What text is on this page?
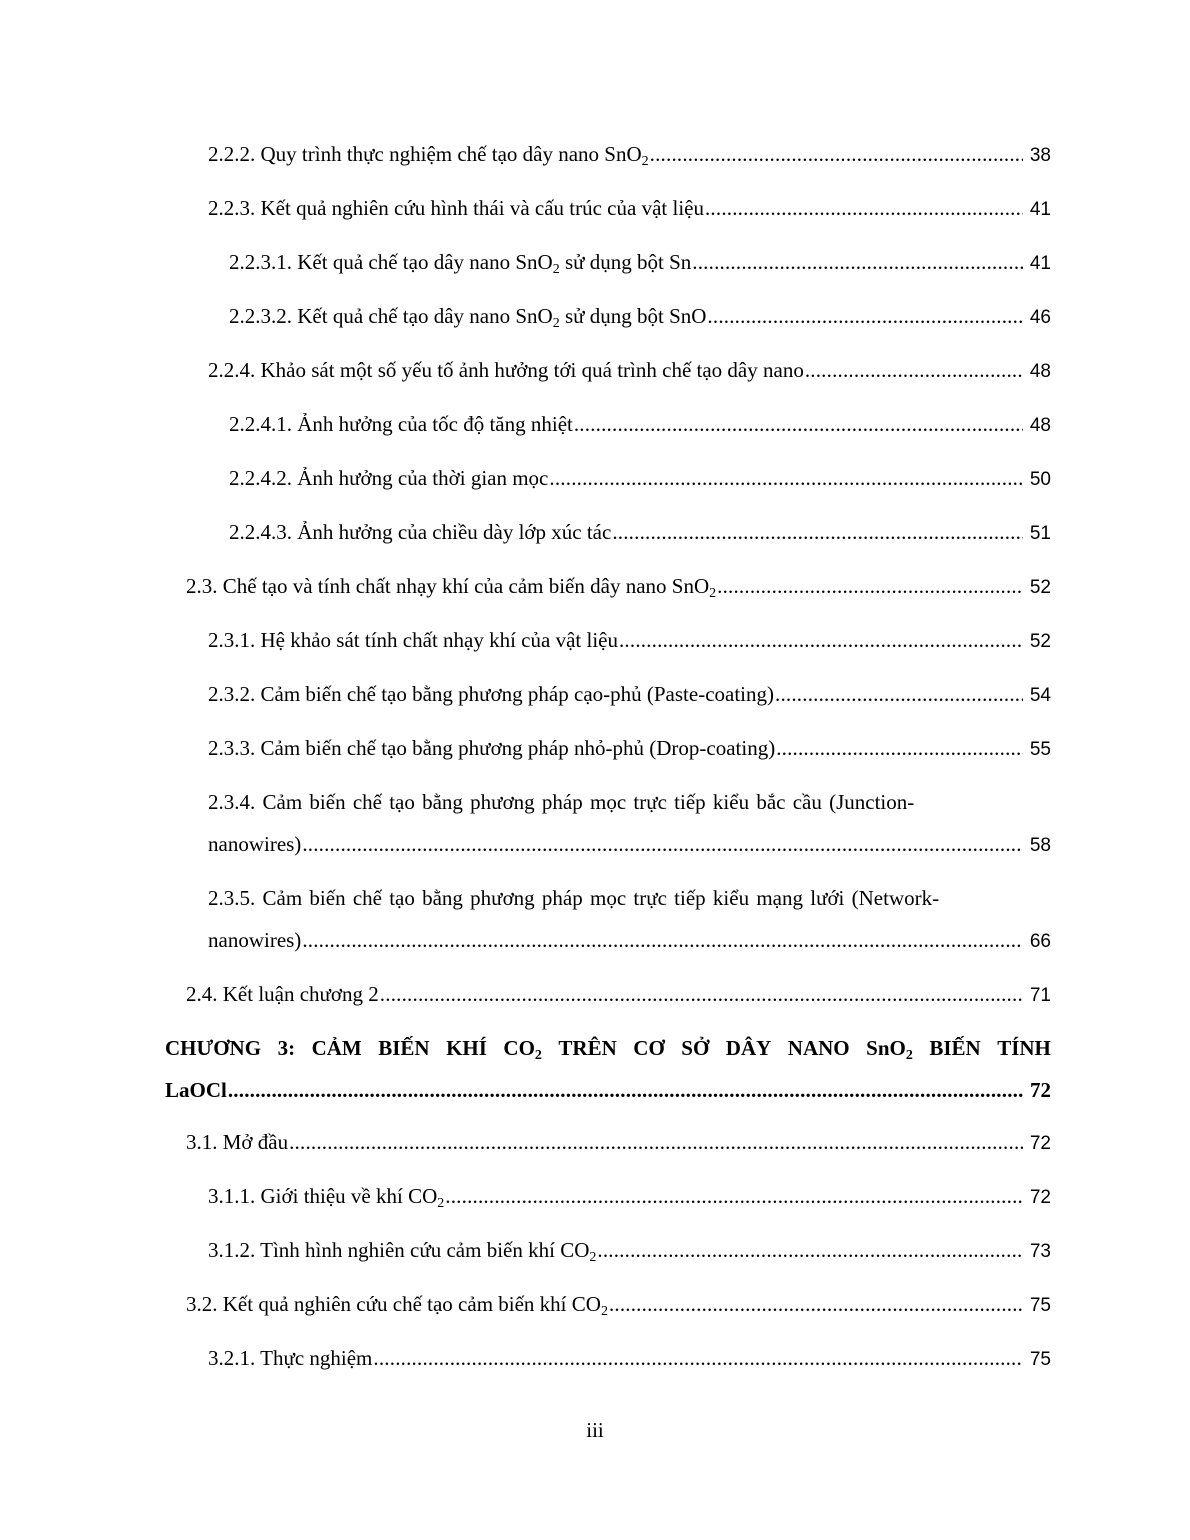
2.2.2. Quy trình thực nghiệm chế tạo dây nano SnO$_2$ .....	38
2.2.3. Kết quả nghiên cứu hình thái và cấu trúc của vật liệu .....	41
2.2.3.1. Kết quả chế tạo dây nano SnO$_2$ sử dụng bột Sn .....	41
2.2.3.2. Kết quả chế tạo dây nano SnO$_2$ sử dụng bột SnO .....	46
2.2.4. Khảo sát một số yếu tố ảnh hưởng tới quá trình chế tạo dây nano .....	48
2.2.4.1. Ảnh hưởng của tốc độ tăng nhiệt .....	48
2.2.4.2. Ảnh hưởng của thời gian mọc .....	50
2.2.4.3. Ảnh hưởng của chiều dày lớp xúc tác .....	51
2.3. Chế tạo và tính chất nhạy khí của cảm biến dây nano SnO$_2$ .....	52
2.3.1. Hệ khảo sát tính chất nhạy khí của vật liệu .....	52
2.3.2. Cảm biến chế tạo bằng phương pháp cạo-phủ (Paste-coating) .....	54
2.3.3. Cảm biến chế tạo bằng phương pháp nhỏ-phủ (Drop-coating) .....	55
2.3.4. Cảm biến chế tạo bằng phương pháp mọc trực tiếp kiểu bắc cầu (Junction-
nanowires) .....	58
2.3.5. Cảm biến chế tạo bằng phương pháp mọc trực tiếp kiểu mạng lưới (Network-
nanowires) .....	66
2.4. Kết luận chương 2 .....	71
CHƯƠNG 3: CẢM BIẾN KHÍ $CO_2$ TRÊN CƠ SỞ DÂY NANO SnO$_2$ BIẾN TÍNH
LaOCl .....	72
3.1. Mở đầu .....	72
3.1.1. Giới thiệu về khí $CO_2$ .....	72
3.1.2. Tình hình nghiên cứu cảm biến khí $CO_2$ .....	73
3.2. Kết quả nghiên cứu chế tạo cảm biến khí $CO_2$ .....	75
3.2.1. Thực nghiệm .....	75
iii
